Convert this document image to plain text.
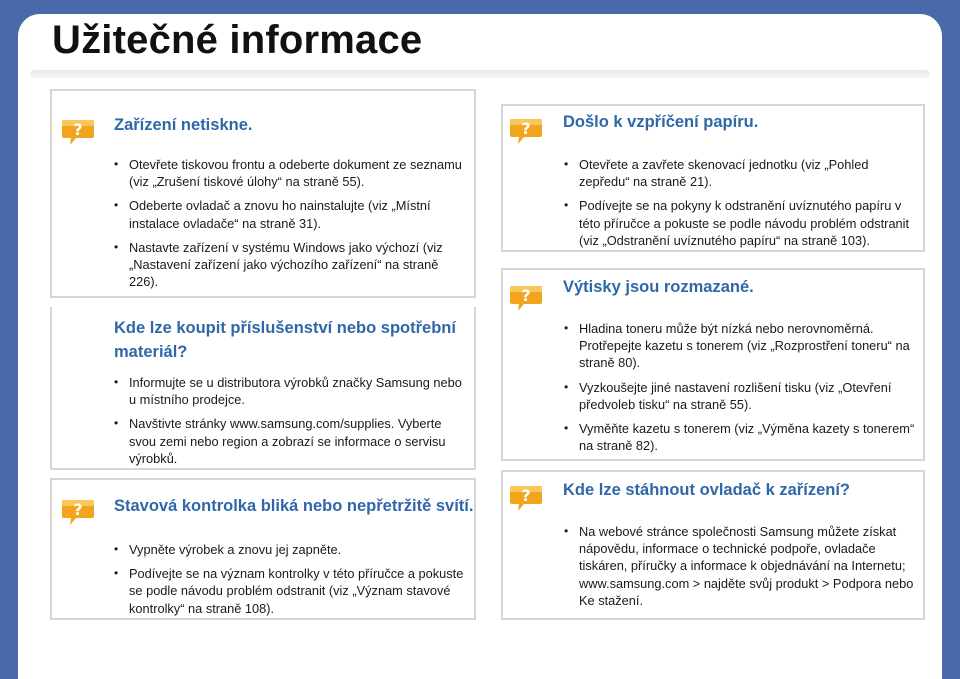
Užitečné informace
? Zařízení netiskne.
• Otevřete tiskovou frontu a odeberte dokument ze seznamu (viz „Zrušení tiskové úlohy“ na straně 55).
• Odeberte ovladač a znovu ho nainstalujte (viz „Místní instalace ovladače“ na straně 31).
• Nastavte zařízení v systému Windows jako výchozí (viz „Nastavení zařízení jako výchozího zařízení“ na straně 226).
Kde lze koupit příslušenství nebo spotřební materiál?
• Informujte se u distributora výrobků značky Samsung nebo u místního prodejce.
• Navštivte stránky www.samsung.com/supplies. Vyberte svou zemi nebo region a zobrazí se informace o servisu výrobků.
? Stavová kontrolka bliká nebo nepřetržitě svítí.
• Vypněte výrobek a znovu jej zapněte.
• Podívejte se na význam kontrolky v této příručce a pokuste se podle návodu problém odstranit (viz „Význam stavové kontrolky“ na straně 108).
? Došlo k vzpříčení papíru.
• Otevřete a zavřete skenovací jednotku (viz „Pohled zepředu“ na straně 21).
• Podívejte se na pokyny k odstranění uvíznutého papíru v této příručce a pokuste se podle návodu problém odstranit (viz „Odstranění uvíznutého papíru“ na straně 103).
? Výtisky jsou rozmazané.
• Hladina toneru může být nízká nebo nerovnoměrná. Protřepejte kazetu s tonerem (viz „Rozprostření toneru“ na straně 80).
• Vyzkoušejte jiné nastavení rozlišení tisku (viz „Otevření předvoleb tisku“ na straně 55).
• Vyměňte kazetu s tonerem (viz „Výměna kazety s tonerem“ na straně 82).
? Kde lze stáhnout ovladač k zařízení?
• Na webové stránce společnosti Samsung můžete získat nápovědu, informace o technické podpoře, ovladače tiskáren, příručky a informace k objednávání na Internetu; www.samsung.com > najděte svůj produkt > Podpora nebo Ke stažení.
